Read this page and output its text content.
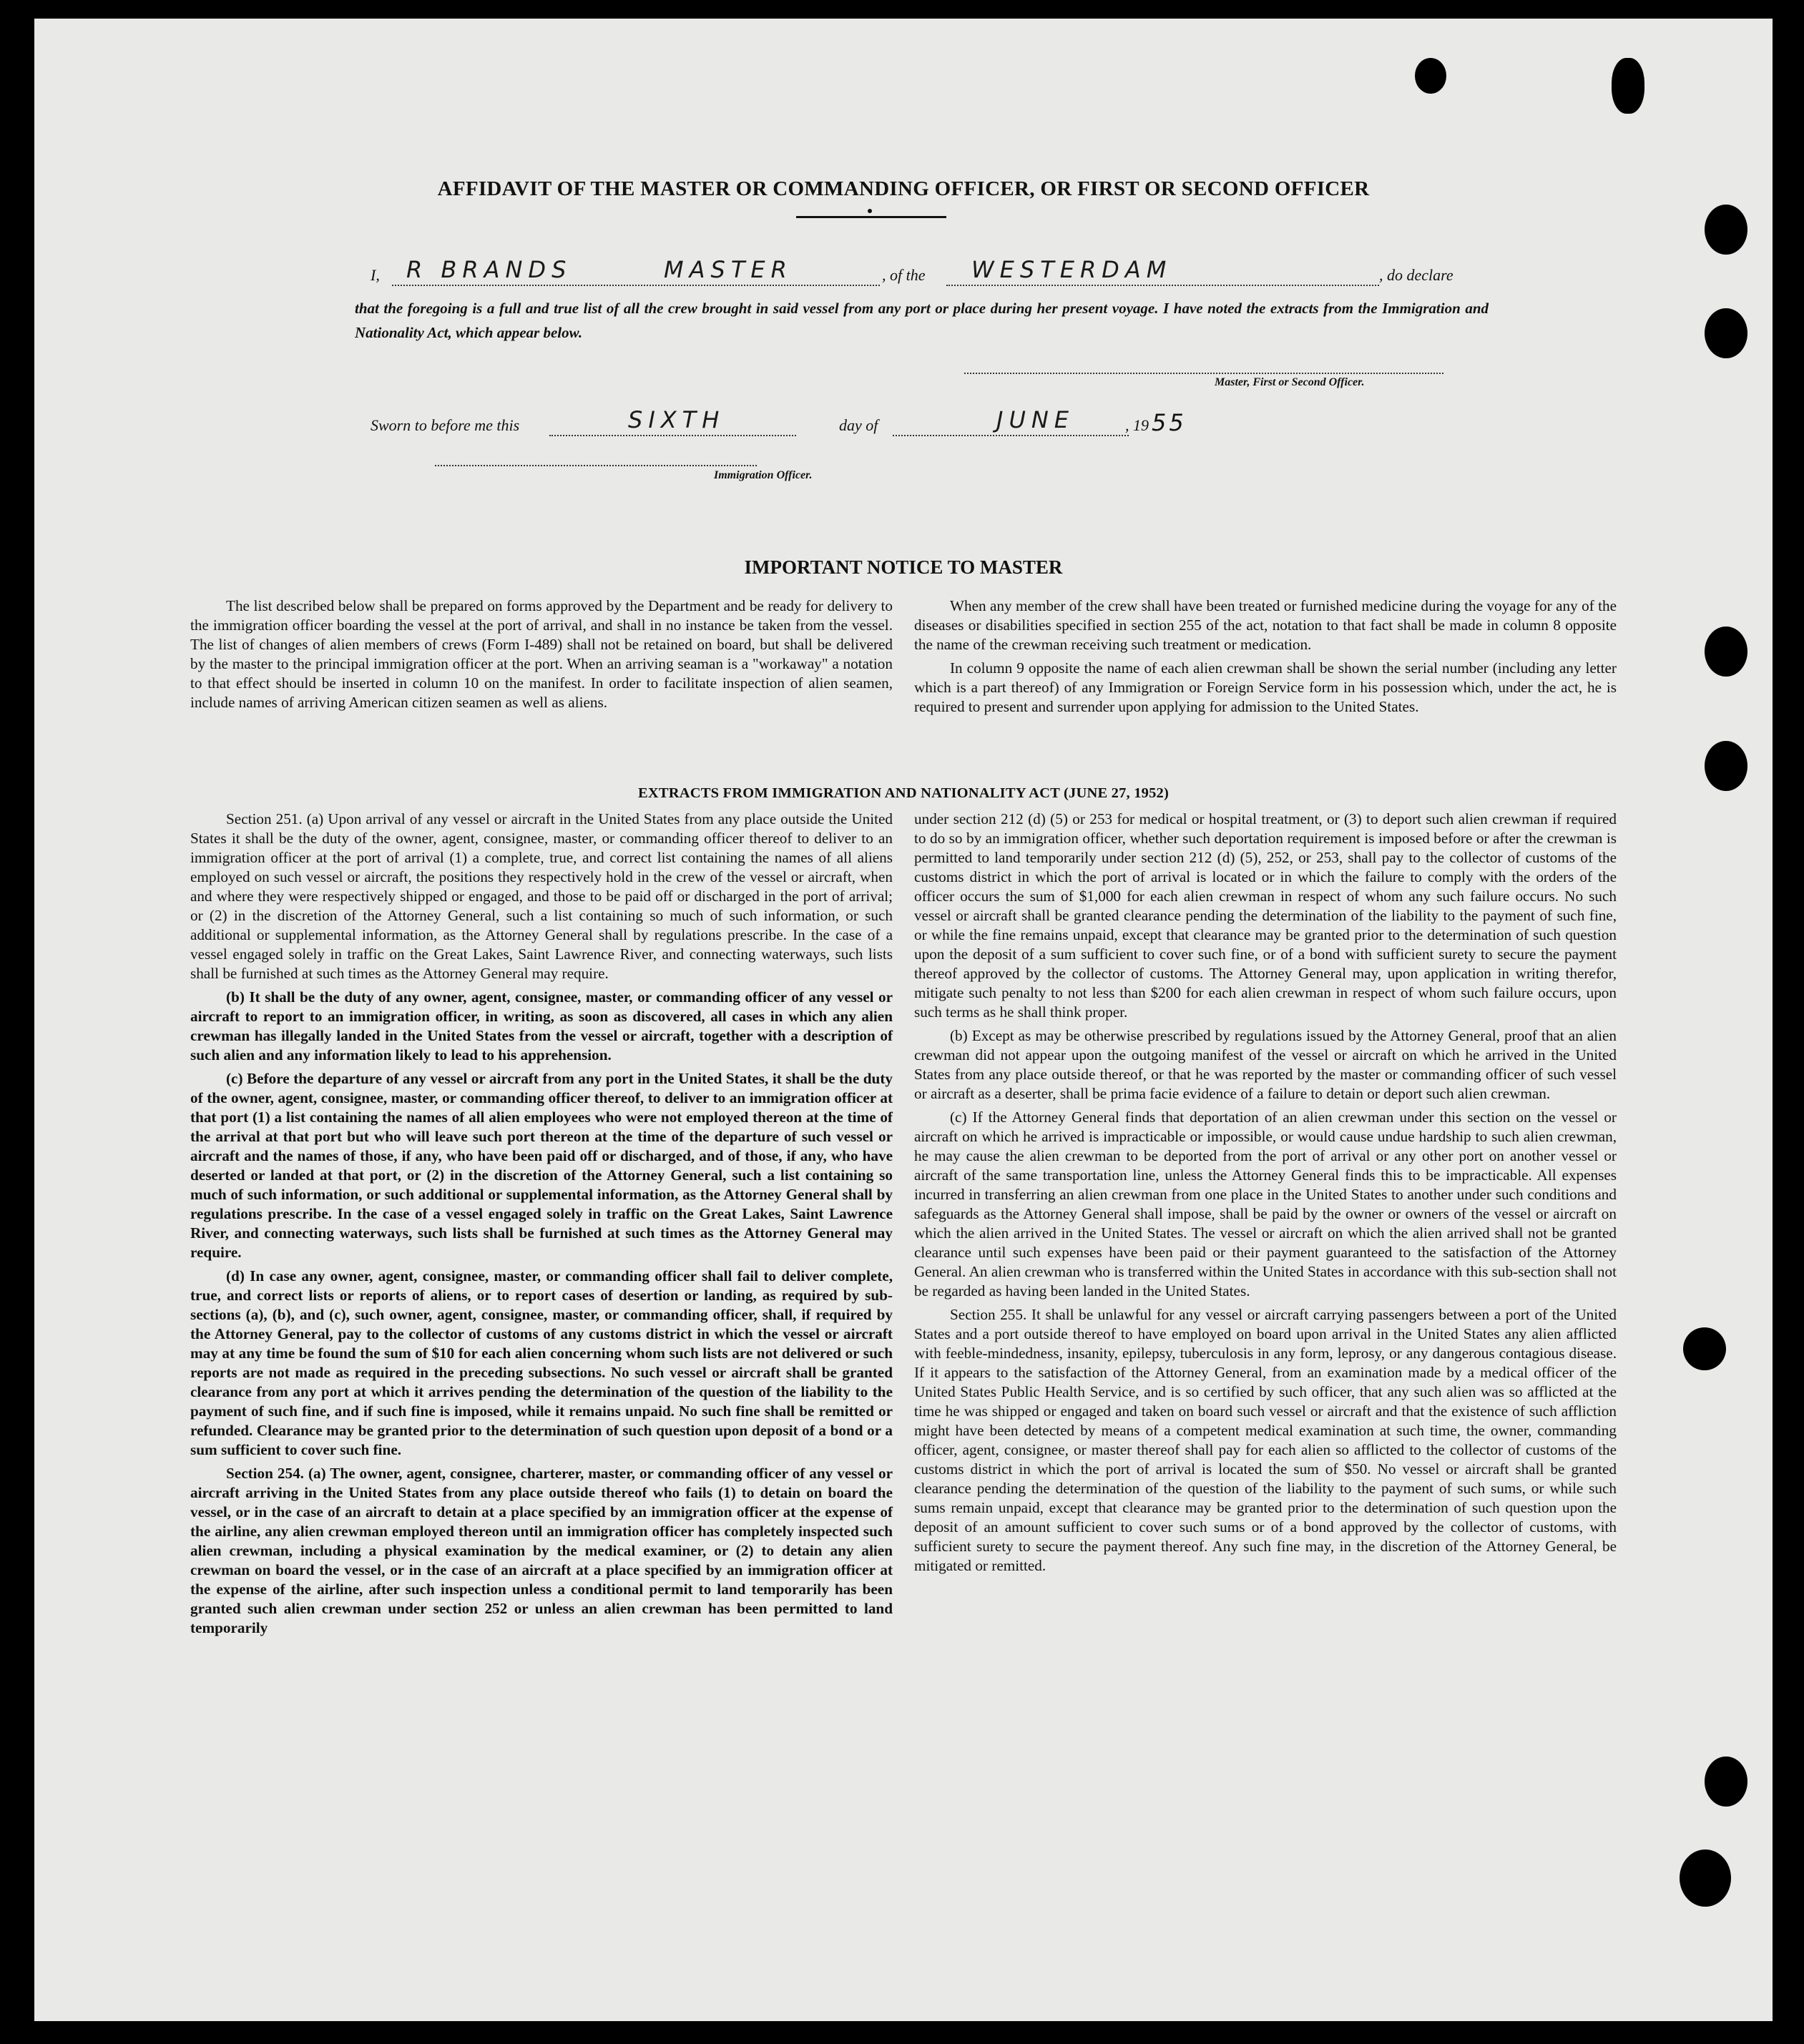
AFFIDAVIT OF THE MASTER OR COMMANDING OFFICER, OR FIRST OR SECOND OFFICER
I, R BRANDS	MASTER	, of the WESTERDAM	, do declare
that the foregoing is a full and true list of all the crew brought in said vessel from any port or place during her present voyage. I have noted the extracts from the Immigration and Nationality Act, which appear below.
Master, First or Second Officer.
Sworn to before me this	SIXTH	day of	JUNE	, 19 55
Immigration Officer.
IMPORTANT NOTICE TO MASTER

The list described below shall be prepared on forms approved by the Department and be ready for delivery to the immigration officer boarding the vessel at the port of arrival, and shall in no instance be taken from the vessel. The list of changes of alien members of crews (Form I-489) shall not be retained on board, but shall be delivered by the master to the principal immigration officer at the port. When an arriving seaman is a "workaway" a notation to that effect should be inserted in column 10 on the manifest. In order to facilitate inspection of alien seamen, include names of arriving American citizen seamen as well as aliens.

When any member of the crew shall have been treated or furnished medicine during the voyage for any of the diseases or disabilities specified in section 255 of the act, notation to that fact shall be made in column 8 opposite the name of the crewman receiving such treatment or medication.

In column 9 opposite the name of each alien crewman shall be shown the serial number (including any letter which is a part thereof) of any Immigration or Foreign Service form in his possession which, under the act, he is required to present and surrender upon applying for admission to the United States.

EXTRACTS FROM IMMIGRATION AND NATIONALITY ACT (JUNE 27, 1952)

Section 251. (a) Upon arrival of any vessel or aircraft in the United States from any place outside the United States it shall be the duty of the owner, agent, consignee, master, or commanding officer thereof to deliver to an immigration officer at the port of arrival (1) a complete, true, and correct list containing the names of all aliens employed on such vessel or aircraft, the positions they respectively hold in the crew of the vessel or aircraft, when and where they were respectively shipped or engaged, and those to be paid off or discharged in the port of arrival; or (2) in the discretion of the Attorney General, such a list containing so much of such information, or such additional or supplemental information, as the Attorney General shall by regulations prescribe. In the case of a vessel engaged solely in traffic on the Great Lakes, Saint Lawrence River, and connecting waterways, such lists shall be furnished at such times as the Attorney General may require.

(b) It shall be the duty of any owner, agent, consignee, master, or commanding officer of any vessel or aircraft to report to an immigration officer, in writing, as soon as discovered, all cases in which any alien crewman has illegally landed in the United States from the vessel or aircraft, together with a description of such alien and any information likely to lead to his apprehension.

(c) Before the departure of any vessel or aircraft from any port in the United States, it shall be the duty of the owner, agent, consignee, master, or commanding officer thereof, to deliver to an immigration officer at that port (1) a list containing the names of all alien employees who were not employed thereon at the time of the arrival at that port but who will leave such port thereon at the time of the departure of such vessel or aircraft and the names of those, if any, who have been paid off or discharged, and of those, if any, who have deserted or landed at that port, or (2) in the discretion of the Attorney General, such a list containing so much of such information, or such additional or supplemental information, as the Attorney General shall by regulations prescribe. In the case of a vessel engaged solely in traffic on the Great Lakes, Saint Lawrence River, and connecting waterways, such lists shall be furnished at such times as the Attorney General may require.

(d) In case any owner, agent, consignee, master, or commanding officer shall fail to deliver complete, true, and correct lists or reports of aliens, or to report cases of desertion or landing, as required by sub-sections (a), (b), and (c), such owner, agent, consignee, master, or commanding officer, shall, if required by the Attorney General, pay to the collector of customs of any customs district in which the vessel or aircraft may at any time be found the sum of $10 for each alien concerning whom such lists are not delivered or such reports are not made as required in the preceding subsections. No such vessel or aircraft shall be granted clearance from any port at which it arrives pending the determination of the question of the liability to the payment of such fine, and if such fine is imposed, while it remains unpaid. No such fine shall be remitted or refunded. Clearance may be granted prior to the determination of such question upon deposit of a bond or a sum sufficient to cover such fine.

Section 254. (a) The owner, agent, consignee, charterer, master, or commanding officer of any vessel or aircraft arriving in the United States from any place outside thereof who fails (1) to detain on board the vessel, or in the case of an aircraft to detain at a place specified by an immigration officer at the expense of the airline, any alien crewman employed thereon until an immigration officer has completely inspected such alien crewman, including a physical examination by the medical examiner, or (2) to detain any alien crewman on board the vessel, or in the case of an aircraft at a place specified by an immigration officer at the expense of the airline, after such inspection unless a conditional permit to land temporarily has been granted such alien crewman under section 252 or unless an alien crewman has been permitted to land temporarily

under section 212 (d) (5) or 253 for medical or hospital treatment, or (3) to deport such alien crewman if required to do so by an immigration officer, whether such deportation requirement is imposed before or after the crewman is permitted to land temporarily under section 212 (d) (5), 252, or 253, shall pay to the collector of customs of the customs district in which the port of arrival is located or in which the failure to comply with the orders of the officer occurs the sum of $1,000 for each alien crewman in respect of whom any such failure occurs. No such vessel or aircraft shall be granted clearance pending the determination of the liability to the payment of such fine, or while the fine remains unpaid, except that clearance may be granted prior to the determination of such question upon the deposit of a sum sufficient to cover such fine, or of a bond with sufficient surety to secure the payment thereof approved by the collector of customs. The Attorney General may, upon application in writing therefor, mitigate such penalty to not less than $200 for each alien crewman in respect of whom such failure occurs, upon such terms as he shall think proper.

(b) Except as may be otherwise prescribed by regulations issued by the Attorney General, proof that an alien crewman did not appear upon the outgoing manifest of the vessel or aircraft on which he arrived in the United States from any place outside thereof, or that he was reported by the master or commanding officer of such vessel or aircraft as a deserter, shall be prima facie evidence of a failure to detain or deport such alien crewman.

(c) If the Attorney General finds that deportation of an alien crewman under this section on the vessel or aircraft on which he arrived is impracticable or impossible, or would cause undue hardship to such alien crewman, he may cause the alien crewman to be deported from the port of arrival or any other port on another vessel or aircraft of the same transportation line, unless the Attorney General finds this to be impracticable. All expenses incurred in transferring an alien crewman from one place in the United States to another under such conditions and safeguards as the Attorney General shall impose, shall be paid by the owner or owners of the vessel or aircraft on which the alien arrived in the United States. The vessel or aircraft on which the alien arrived shall not be granted clearance until such expenses have been paid or their payment guaranteed to the satisfaction of the Attorney General. An alien crewman who is transferred within the United States in accordance with this sub-section shall not be regarded as having been landed in the United States.

Section 255. It shall be unlawful for any vessel or aircraft carrying passengers between a port of the United States and a port outside thereof to have employed on board upon arrival in the United States any alien afflicted with feeble-mindedness, insanity, epilepsy, tuberculosis in any form, leprosy, or any dangerous contagious disease. If it appears to the satisfaction of the Attorney General, from an examination made by a medical officer of the United States Public Health Service, and is so certified by such officer, that any such alien was so afflicted at the time he was shipped or engaged and taken on board such vessel or aircraft and that the existence of such affliction might have been detected by means of a competent medical examination at such time, the owner, commanding officer, agent, consignee, or master thereof shall pay for each alien so afflicted to the collector of customs of the customs district in which the port of arrival is located the sum of $50. No vessel or aircraft shall be granted clearance pending the determination of the question of the liability to the payment of such sums, or while such sums remain unpaid, except that clearance may be granted prior to the determination of such question upon the deposit of an amount sufficient to cover such sums or of a bond approved by the collector of customs, with sufficient surety to secure the payment thereof. Any such fine may, in the discretion of the Attorney General, be mitigated or remitted.
